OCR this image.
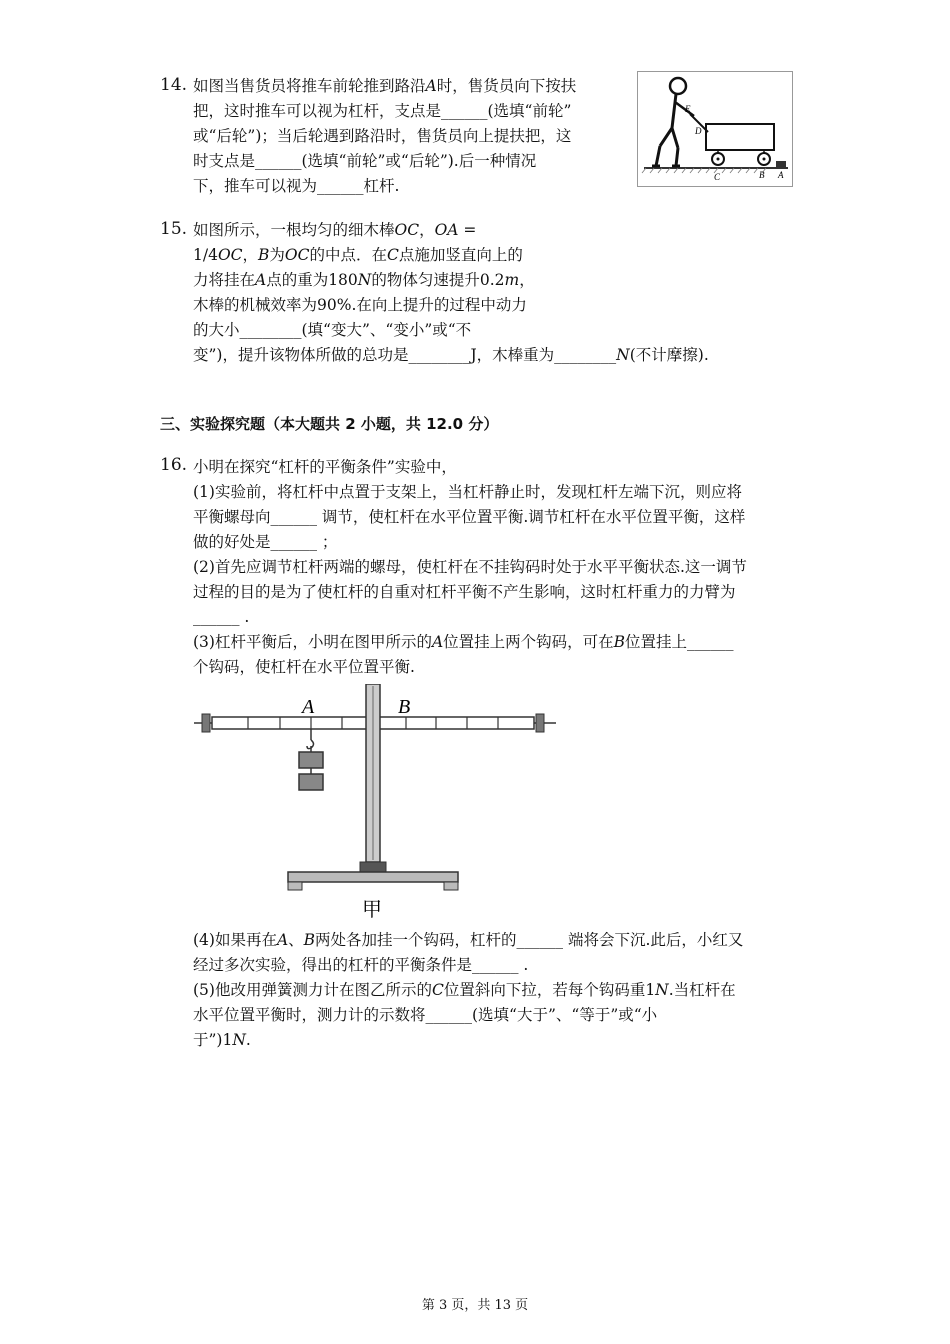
14. 如图当售货员将推车前轮推到路沿𝐴时，售货员向下按扶
把，这时推车可以视为杠杆，支点是______(选填“前轮”
或“后轮”)；当后轮遇到路沿时，售货员向上提扶把，这
时支点是______(选填“前轮”或“后轮”).后一种情况
下，推车可以视为______杠杆.
E
D
C	B A
15. 如图所示，一根均匀的细木棒𝑂𝐶，𝑂𝐴 =
1/4𝑂𝐶，𝐵为𝑂𝐶的中点．在𝐶点施加竖直向上的
力将挂在𝐴点的重为180𝑁的物体匀速提升0.2𝑚，
木棒的机械效率为90%.在向上提升的过程中动力
的大小________(填“变大”、“变小”或“不
变”)，提升该物体所做的总功是________J，木棒重为________𝑁(不计摩擦).
三、实验探究题（本大题共 2 小题，共 12.0 分）
16. 小明在探究“杠杆的平衡条件”实验中，
(1)实验前，将杠杆中点置于支架上，当杠杆静止时，发现杠杆左端下沉，则应将
平衡螺母向______ 调节，使杠杆在水平位置平衡.调节杠杆在水平位置平衡，这样
做的好处是______ ；
(2)首先应调节杠杆两端的螺母，使杠杆在不挂钩码时处于水平平衡状态.这一调节
过程的目的是为了使杠杆的自重对杠杆平衡不产生影响，这时杠杆重力的力臂为
______ .
(3)杠杆平衡后，小明在图甲所示的𝐴位置挂上两个钩码，可在𝐵位置挂上______
个钩码，使杠杆在水平位置平衡.
A	B
甲
(4)如果再在𝐴、𝐵两处各加挂一个钩码，杠杆的______ 端将会下沉.此后，小红又
经过多次实验，得出的杠杆的平衡条件是______ .
(5)他改用弹簧测力计在图乙所示的𝐶位置斜向下拉，若每个钩码重1𝑁.当杠杆在
水平位置平衡时，测力计的示数将______(选填“大于”、“等于”或“小
于”)1𝑁.
第 3 页，共 13 页
